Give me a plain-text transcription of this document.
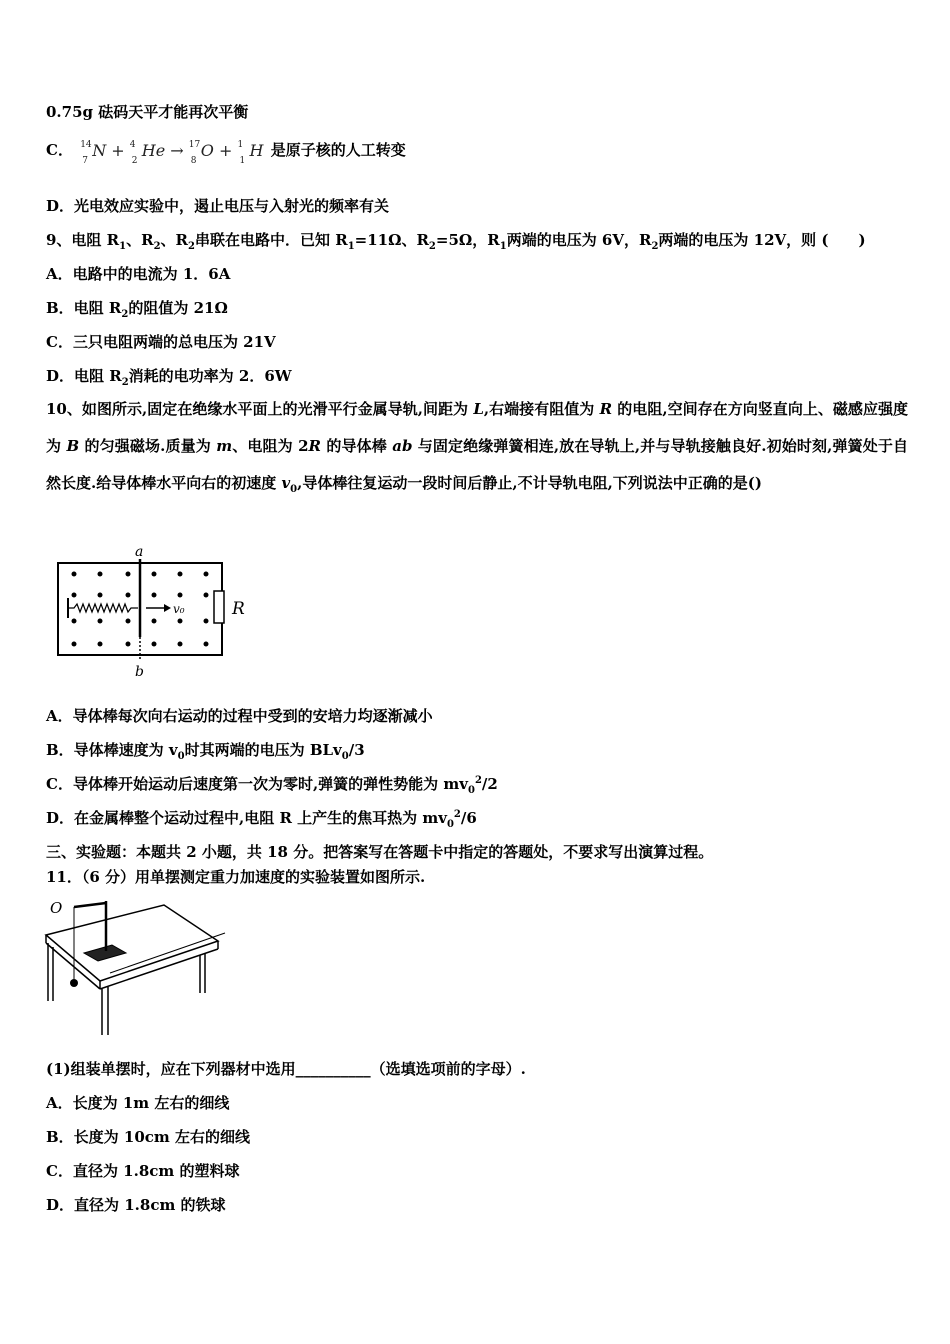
0.75g 砝码天平才能再次平衡
C． 14
7
N + 4
2
He → 17
8
O + 1
1
H 是原子核的人工转变
D．光电效应实验中，遏止电压与入射光的频率有关
9、电阻 $R_1$、$R_2$、$R_2$串联在电路中．已知 $R_1=11\Omega$、$R_2=5\Omega$，$R_1$两端的电压为 6V，$R_2$两端的电压为 12V，则 (　　)
A．电路中的电流为 1．6A
B．电阻 $R_2$的阻值为 21Ω
C．三只电阻两端的总电压为 21V
D．电阻 $R_2$消耗的电功率为 2．6W
10、如图所示,固定在绝缘水平面上的光滑平行金属导轨,间距为 L,右端接有阻值为 R 的电阻,空间存在方向竖直向上、磁感应强度为 B 的匀强磁场.质量为 m、电阻为 2R 的导体棒 ab 与固定绝缘弹簧相连,放在导轨上,并与导轨接触良好.初始时刻,弹簧处于自然长度.给导体棒水平向右的初速度 $v_0$,导体棒往复运动一段时间后静止,不计导轨电阻,下列说法中正确的是()
R
a
b
v₀
A．导体棒每次向右运动的过程中受到的安培力均逐渐减小
B．导体棒速度为 $v_0$时其两端的电压为 BLv$_0$/3
C．导体棒开始运动后速度第一次为零时,弹簧的弹性势能为 $mv_0^2/2$
D．在金属棒整个运动过程中,电阻 R 上产生的焦耳热为 $mv_0^2/6$
三、实验题：本题共 2 小题，共 18 分。把答案写在答题卡中指定的答题处，不要求写出演算过程。
11．（6 分）用单摆测定重力加速度的实验装置如图所示.
O
(1)组装单摆时，应在下列器材中选用__________（选填选项前的字母）.
A．长度为 1m 左右的细线
B．长度为 10cm 左右的细线
C．直径为 1.8cm 的塑料球
D．直径为 1.8cm 的铁球
